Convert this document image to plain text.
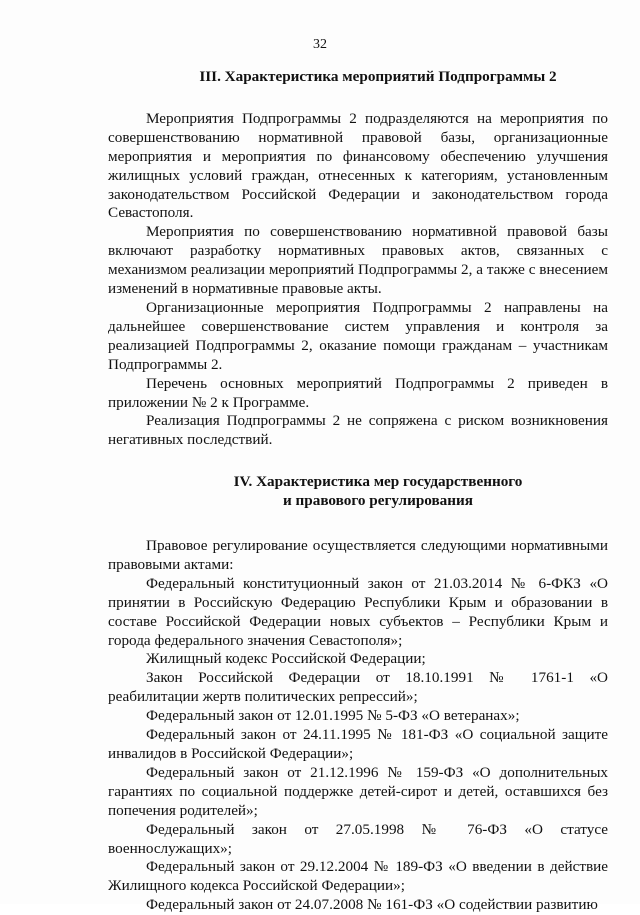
32
III. Характеристика мероприятий Подпрограммы 2

Мероприятия Подпрограммы 2 подразделяются на мероприятия по совершенствованию нормативной правовой базы, организационные мероприятия и мероприятия по финансовому обеспечению улучшения жилищных условий граждан, отнесенных к категориям, установленным законодательством Российской Федерации и законодательством города Севастополя.

Мероприятия по совершенствованию нормативной правовой базы включают разработку нормативных правовых актов, связанных с механизмом реализации мероприятий Подпрограммы 2, а также с внесением изменений в нормативные правовые акты.

Организационные мероприятия Подпрограммы 2 направлены на дальнейшее совершенствование систем управления и контроля за реализацией Подпрограммы 2, оказание помощи гражданам – участникам Подпрограммы 2.

Перечень основных мероприятий Подпрограммы 2 приведен в приложении № 2 к Программе.

Реализация Подпрограммы 2 не сопряжена с риском возникновения негативных последствий.

IV. Характеристика мер государственного
и правового регулирования

Правовое регулирование осуществляется следующими нормативными правовыми актами:

Федеральный конституционный закон от 21.03.2014 № 6-ФКЗ «О принятии в Российскую Федерацию Республики Крым и образовании в составе Российской Федерации новых субъектов – Республики Крым и города федерального значения Севастополя»;

Жилищный кодекс Российской Федерации;

Закон Российской Федерации от 18.10.1991 № 1761-1 «О реабилитации жертв политических репрессий»;

Федеральный закон от 12.01.1995 № 5-ФЗ «О ветеранах»;

Федеральный закон от 24.11.1995 № 181-ФЗ «О социальной защите инвалидов в Российской Федерации»;

Федеральный закон от 21.12.1996 № 159-ФЗ «О дополнительных гарантиях по социальной поддержке детей-сирот и детей, оставшихся без попечения родителей»;

Федеральный закон от 27.05.1998 № 76-ФЗ «О статусе военнослужащих»;

Федеральный закон от 29.12.2004 № 189-ФЗ «О введении в действие Жилищного кодекса Российской Федерации»;

Федеральный закон от 24.07.2008 № 161-ФЗ «О содействии развитию
